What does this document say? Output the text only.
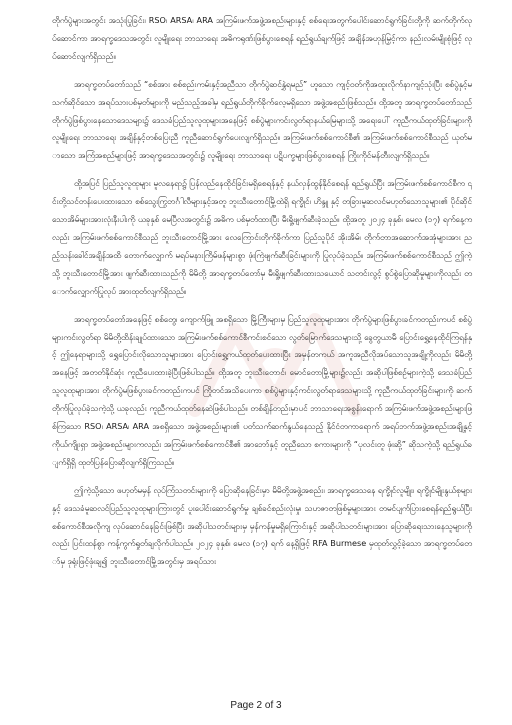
တိုက်ပွဲများအတွင်း အသုံးပြုခြင်း၊ RSO၊ ARSA၊ ARA အကြမ်းဖက်အဖွဲ့အစည်းများနှင့် စစ်ရေးအတွက်ပေါင်းဆောင်ရွက်ခြင်းတို့ကို ဆက်တိုက်လုပ်ဆောင်ကာ အာရက္ခဒေသအတွင်း လူမျိုးရေး ဘာသာရေး အဓိကရုဏ်းဖြစ်ပွားစေရန် ရည်ရွယ်ချက်ဖြင့် အချိန်အဟုန်မြှင့်ကာ နည်းလမ်းမျိုးစုံဖြင့် လုပ်ဆောင်လျက်ရှိသည်။

အာရက္ခတပ်တော်သည် “စစ်အား စစ်စည်းကမ်းနှင့်အညီသာ တိုက်ပွဲဆင်နွှဲရမည်” ဟူသော ကျင့်ဝတ်ကိုအထူးလိုက်နာကျင့်သုံးပြီး စစ်ပွဲနှင့်မသက်ဆိုင်သော အရပ်သားပစ်မှတ်များကို မည်သည့်အခါမှ ရည်ရွယ်တိုက်ခိုက်လေ့မရှိသော အဖွဲ့အစည်းဖြစ်သည်။ ထို့အတူ အာရက္ခတပ်တော်သည် တိုက်ပွဲဖြစ်ပွားနေသောဒေသများ၌ ဒေသခံပြည်သူလူထုများအနေဖြင့် စစ်ပွဲများကင်းလွတ်ရာနယ်မြေများသို့ အရေးပေါ် ကူညီကယ်ထုတ်ခြင်းများကို လူမျိုးရေး ဘာသာရေး အချိန်နှင့်တစ်ပြေးညီ ကူညီဆောင်ရွက်ပေးလျက်ရှိသည်။ အကြမ်းဖက်စစ်ကောင်စီ၏ အကြမ်းဖက်စစ်ကောင်စီသည် ယုတ်မာသော အကြံအစည်များဖြင့် အာရက္ခဒေသအတွင်း၌ လူမျိုးရေး ဘာသာရေး ပဋိပက္ခများဖြစ်ပွားစေရန် ကြိုးကိုင်မန်တီးလျက်ရှိသည်။

ထို့အပြင် ပြည်သူလူထုများ မူလနေရာ၌ ပြန်လည်နေထိုင်ခြင်းမရှိစေရန်နှင့် နယ်လှန်ထွန်နိုင်စေရန် ရည်ရွယ်ပြီး အကြမ်းဖက်စစ်ကောင်စီက ၎င်းတို့သင်တန်းပေးထားသော စစ်သွေးကြွဘင်္ဂါလီများနှင့်အတူ ဘူးသီးတောင်မြို့ထဲရှိ ရက္ခိုင်၊ ဟိန္ဒူ နှင့် တခြားမူဆလင်မဟုတ်သောသူများ၏ ပိုင်ဆိုင်သောအိမ်များအားလုံးနီးပါးကို ယခုနှစ် မေပြီလအတွင်း၌ အဓိက ပစ်မှတ်ထားပြီး မီးရှို့ဖျက်ဆီးခဲ့သည်။ ထို့အတူ ၂၀၂၄ ခုနှစ်၊ မေလ (၁၇) ရက်နေ့ကလည်း အကြမ်းဖက်စစ်ကောင်စီသည် ဘူးသီးတောင်မြို့အား လေကြောင်းတိုက်ခိုက်ကာ ပြည်သူပိုင် အိုးအိမ်၊ တိုက်တာအဆောက်အအုံများအား ညည့်သန်းခေါင်အချိန်အထိ တောက်လျှောက် မရပ်မနားကြိမ်ဖန်များစွာ ဖုံးကြဲဖျက်ဆီးခြင်းများကို ပြုလုပ်ခဲ့သည်။ အကြမ်းဖက်စစ်ကောင်စီသည် ဤကဲ့သို့ ဘူးသီးတောင်မြို့အား ဖျက်ဆီးထားသည်ကို မိမိတို့ အာရက္ခတပ်တော်မှ မီးရှို့ဖျက်ဆီးထားသယောင် သတင်းလွင့် စွပ်စွဲပြောဆိုမှုများကိုလည်း တောက်လျှောက်ပြုလုပ် အားထုတ်လျက်ရှိသည်။

အာရက္ခတပ်တော်အနေဖြင့် စစ်တွေ၊ ကျောက်ဖြူ အစရှိသော မြို့ကြီးများမှ ပြည်သူလူထုများအား တိုက်ပွဲများဖြစ်ပွားခင်ကတည်းကပင် စစ်ပွဲများကင်းလွတ်ရာ မိမိတို့ထိန်းချုပ်ထားသော အကြမ်းဖက်စစ်ကောင်စီကင်းစင်သော လွတ်မြောက်ဒေသများသို့ ခွေတွယာမီ ပြောင်းရွှေ့နေထိုင်ကြရန်နှင့် ဤနေရာများသို့ ရွှေပြောင်းလိုသောသူများအား ပြောင်းရွှေ့ကယ်ထုတ်ပေးထားပြီး အမှန်တကယ် အကူအညီလိုအပ်သောသူအချို့ကိုလည်း မိမိတို့အနေဖြင့် အတတ်နိုင်ဆုံး ကူညီပေးထားခဲ့ပြီးဖြစ်ပါသည်။ ထို့အတူ ဘူးသီးတောင်၊ မောင်တောမြို့များ၌လည်း အဆိုပါဖြစ်စဉ်များကဲ့သို့ ဒေသခံပြည်သူလူထုများအား တိုက်ပွဲမဖြစ်ပွားခင်ကတည်းကပင် ကြိုတင်အသိပေးကာ စစ်ပွဲများနှင့်ကင်းလွတ်ရာဒေသများသို့ ကူညီကယ်ထုတ်ခြင်းများကို ဆက်တိုက်ပြုလုပ်ခဲ့သကဲ့သို့ ယခုလည်း ကူညီကယ်ထုတ်နေဆဲဖြစ်ပါသည်။ တစ်ချိန်တည်းမှာပင် ဘာသာရေးအစွန်းရောက် အကြမ်းဖက်အဖွဲ့အစည်းများဖြစ်ကြသော RSO၊ ARSA၊ ARA အစရှိသော အဖွဲ့အစည်းများ၏ ပတ်သက်ဆက်နွယ်နေသည့် နိုင်ငံတကာရောက် အရပ်ဘက်အဖွဲ့အစည်းအချို့နှင့် ကိုယ်ကျိုးရှာ အဖွဲ့အစည်းများကလည်း အကြမ်းဖက်စစ်ကောင်စီ၏ အာဘော်နှင့် တူညီသော စကားများကို “ပုလင်းတူ ဖုံးဆို့” ဆိုသကဲ့သို့ ရည်ရွယ်ချက်ရှိရှိ ထုတ်ပြန်ပြောဆိုလျက်ရှိကြသည်။

ဤကဲ့သို့သော ဖဟုတ်မမှန် လုပ်ကြံသတင်းများကို ပြောဆိုနေခြင်းမှာ မိမိတို့အဖွဲ့အစည်း၊ အာရက္ခဒေသနေ ရက္ခိုင်လူမျိုး၊ ရက္ခိုင်မျိုးနွယ်စုများနှင့် ဒေသခံမူဆလင်ပြည်သူလူထုများကြားတွင် ပူးပေါင်းဆောင်ရွက်မှု ချစ်ခင်စည်းလုံးမှု၊ သဟဇာတဖြစ်မှုများအား တမင်ပျက်ပြားစေရန်ရည်ရွယ်ပြီး စစ်ကောင်စီအလိုကျ လုပ်ဆောင်နေခြင်းဖြစ်ပြီး အဆိုပါသတင်းများမှ မှန်ကန်မှုမရှိကြောင်းနှင့် အဆိုပါသတင်းများအား ပြောဆိုရေးသားနေသူများကိုလည်း ပြင်းထန်စွာ ကန့်ကွက်ရှုတ်ချလိုက်ပါသည်။ ၂၀၂၄ ခုနှစ်၊ မေလ (၁၇) ရက် နေ့ရှိဖြင့် RFA Burmese မှထုတ်လွှင့်ခဲ့သော အာရက္ခတပ်တော်မှ ဒုရုံးဖြင့်ဖုံးချ၍ ဘူးသီးတောင်မြို့အတွင်းမှ အရပ်သား

Page 2 of 3
